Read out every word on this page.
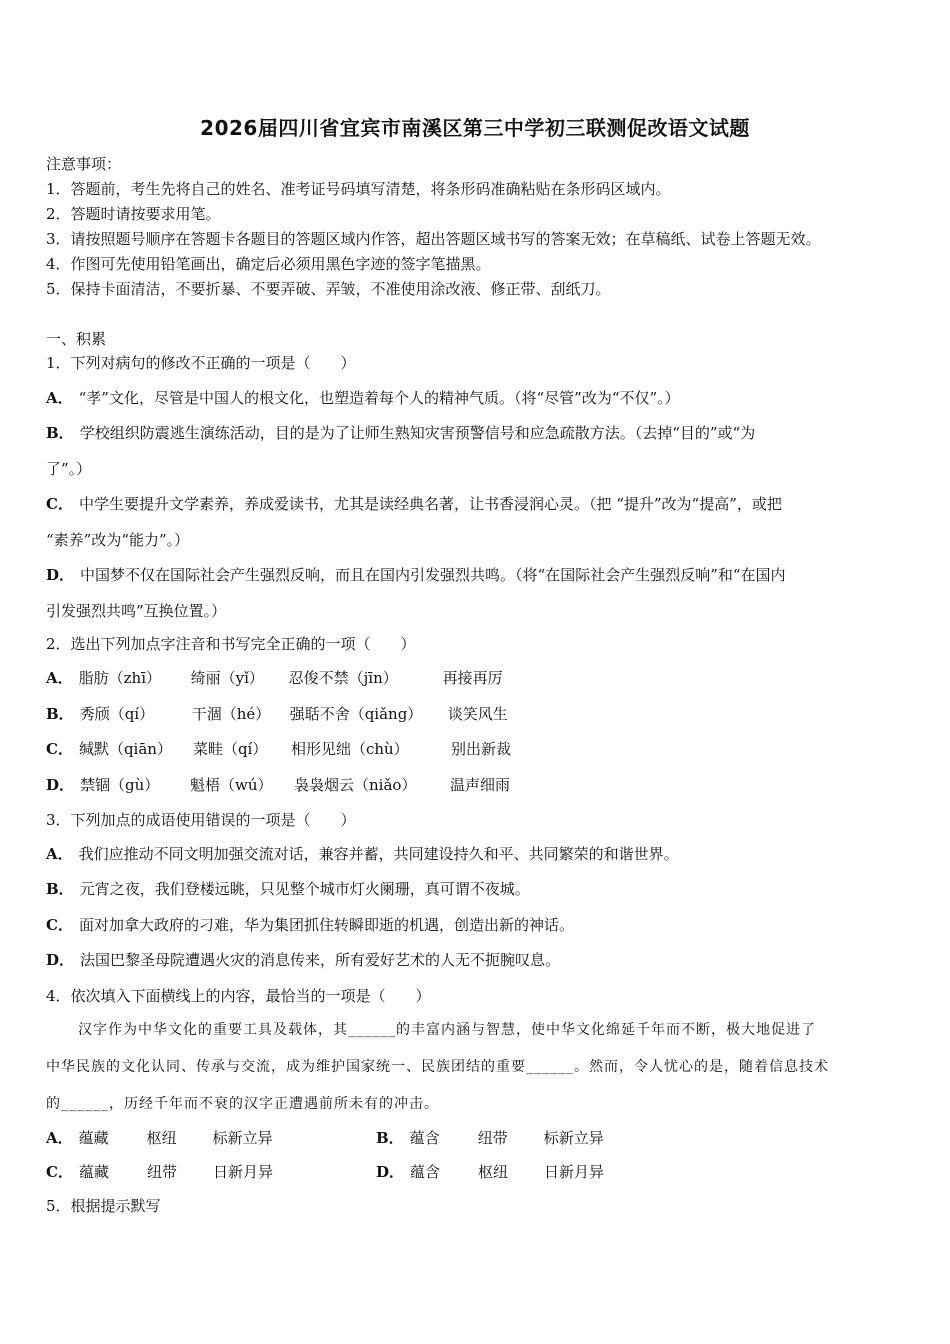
2026届四川省宜宾市南溪区第三中学初三联测促改语文试题
注意事项：
1．答题前，考生先将自己的姓名、准考证号码填写清楚，将条形码准确粘贴在条形码区域内。
2．答题时请按要求用笔。
3．请按照题号顺序在答题卡各题目的答题区域内作答，超出答题区域书写的答案无效；在草稿纸、试卷上答题无效。
4．作图可先使用铅笔画出，确定后必须用黑色字迹的签字笔描黑。
5．保持卡面清洁，不要折暴、不要弄破、弄皱，不准使用涂改液、修正带、刮纸刀。
一、积累
1．下列对病句的修改不正确的一项是（　　）
A． “孝”文化，尽管是中国人的根文化，也塑造着每个人的精神气质。（将“尽管”改为“不仅”。）
B． 学校组织防震逃生演练活动，目的是为了让师生熟知灾害预警信号和应急疏散方法。（去掉“目的”或“为
了”。）
C． 中学生要提升文学素养，养成爱读书，尤其是读经典名著，让书香浸润心灵。（把 “提升”改为“提高”，或把
“素养”改为“能力”。）
D． 中国梦不仅在国际社会产生强烈反响，而且在国内引发强烈共鸣。（将“在国际社会产生强烈反响”和“在国内
引发强烈共鸣”互换位置。）
2．选出下列加点字注音和书写完全正确的一项（　　）
A． 脂肪（zhī） 绮丽（yǐ） 忍俊不禁（jīn）	再接再厉
B． 秀颀（qí）	干涸（hé） 强聒不舍（qiǎng） 谈笑风生
C． 缄默（qiān） 菜畦（qí） 相形见绌（chù）	别出新裁
D． 禁锢（gù） 魁梧（wú） 袅袅烟云（niǎo） 温声细雨
3．下列加点的成语使用错误的一项是（　　）
A． 我们应推动不同文明加强交流对话，兼容并蓄，共同建设持久和平、共同繁荣的和谐世界。
B． 元宵之夜，我们登楼远眺，只见整个城市灯火阑珊，真可谓不夜城。
C． 面对加拿大政府的刁难，华为集团抓住转瞬即逝的机遇，创造出新的神话。
D． 法国巴黎圣母院遭遇火灾的消息传来，所有爱好艺术的人无不扼腕叹息。
4．依次填入下面横线上的内容，最恰当的一项是（　　）
汉字作为中华文化的重要工具及载体，其______的丰富内涵与智慧，使中华文化绵延千年而不断，极大地促进了
中华民族的文化认同、传承与交流，成为维护国家统一、民族团结的重要______。然而，令人忧心的是，随着信息技术
的______，历经千年而不衰的汉字正遭遇前所未有的冲击。
A． 蕴藏	枢纽 标新立异	B． 蕴含	纽带 标新立异
C． 蕴藏	纽带 日新月异	D． 蕴含	枢纽 日新月异
5．根据提示默写
